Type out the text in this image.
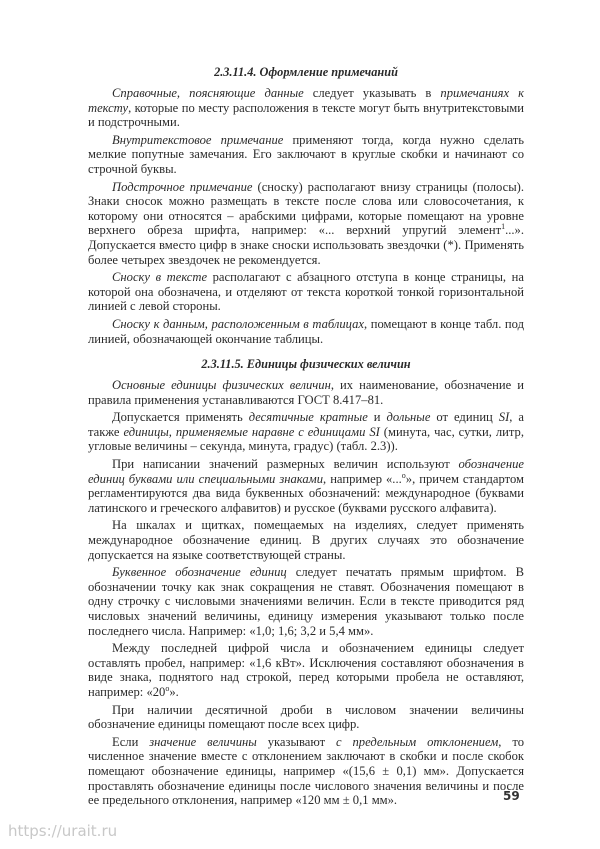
2.3.11.4. Оформление примечаний

Справочные, поясняющие данные следует указывать в примечаниях к тексту, которые по месту расположения в тексте могут быть внутритекстовыми и подстрочными.

Внутритекстовое примечание применяют тогда, когда нужно сделать мелкие попутные замечания. Его заключают в круглые скобки и начинают со строчной буквы.

Подстрочное примечание (сноску) располагают внизу страницы (полосы). Знаки сносок можно размещать в тексте после слова или словосочетания, к которому они относятся – арабскими цифрами, которые помещают на уровне верхнего обреза шрифта, например: «... верхний упругий элемент$^1$...». Допускается вместо цифр в знаке сноски использовать звездочки (*). Применять более четырех звездочек не рекомендуется.

Сноску в тексте располагают с абзацного отступа в конце страницы, на которой она обозначена, и отделяют от текста короткой тонкой горизонтальной линией с левой стороны.

Сноску к данным, расположенным в таблицах, помещают в конце табл. под линией, обозначающей окончание таблицы.

2.3.11.5. Единицы физических величин

Основные единицы физических величин, их наименование, обозначение и правила применения устанавливаются ГОСТ 8.417–81.

Допускается применять десятичные кратные и дольные от единиц SI, а также единицы, применяемые наравне с единицами SI (минута, час, сутки, литр, угловые величины – секунда, минута, градус) (табл. 2.3)).

При написании значений размерных величин используют обозначение единиц буквами или специальными знаками, например «...$^о$», причем стандартом регламентируются два вида буквенных обозначений: международное (буквами латинского и греческого алфавитов) и русское (буквами русского алфавита).

На шкалах и щитках, помещаемых на изделиях, следует применять международное обозначение единиц. В других случаях это обозначение допускается на языке соответствующей страны.

Буквенное обозначение единиц следует печатать прямым шрифтом. В обозначении точку как знак сокращения не ставят. Обозначения помещают в одну строчку с числовыми значениями величин. Если в тексте приводится ряд числовых значений величины, единицу измерения указывают только после последнего числа. Например: «1,0; 1,6; 3,2 и 5,4 мм».

Между последней цифрой числа и обозначением единицы следует оставлять пробел, например: «1,6 кВт». Исключения составляют обозначения в виде знака, поднятого над строкой, перед которыми пробела не оставляют, например: «$20^о$».

При наличии десятичной дроби в числовом значении величины обозначение единицы помещают после всех цифр.

Если значение величины указывают с предельным отклонением, то численное значение вместе с отклонением заключают в скобки и после скобок помещают обозначение единицы, например «(15,6 ± 0,1) мм». Допускается проставлять обозначение единицы после числового значения величины и после ее предельного отклонения, например «120 мм ± 0,1 мм».	59
https://urait.ru
